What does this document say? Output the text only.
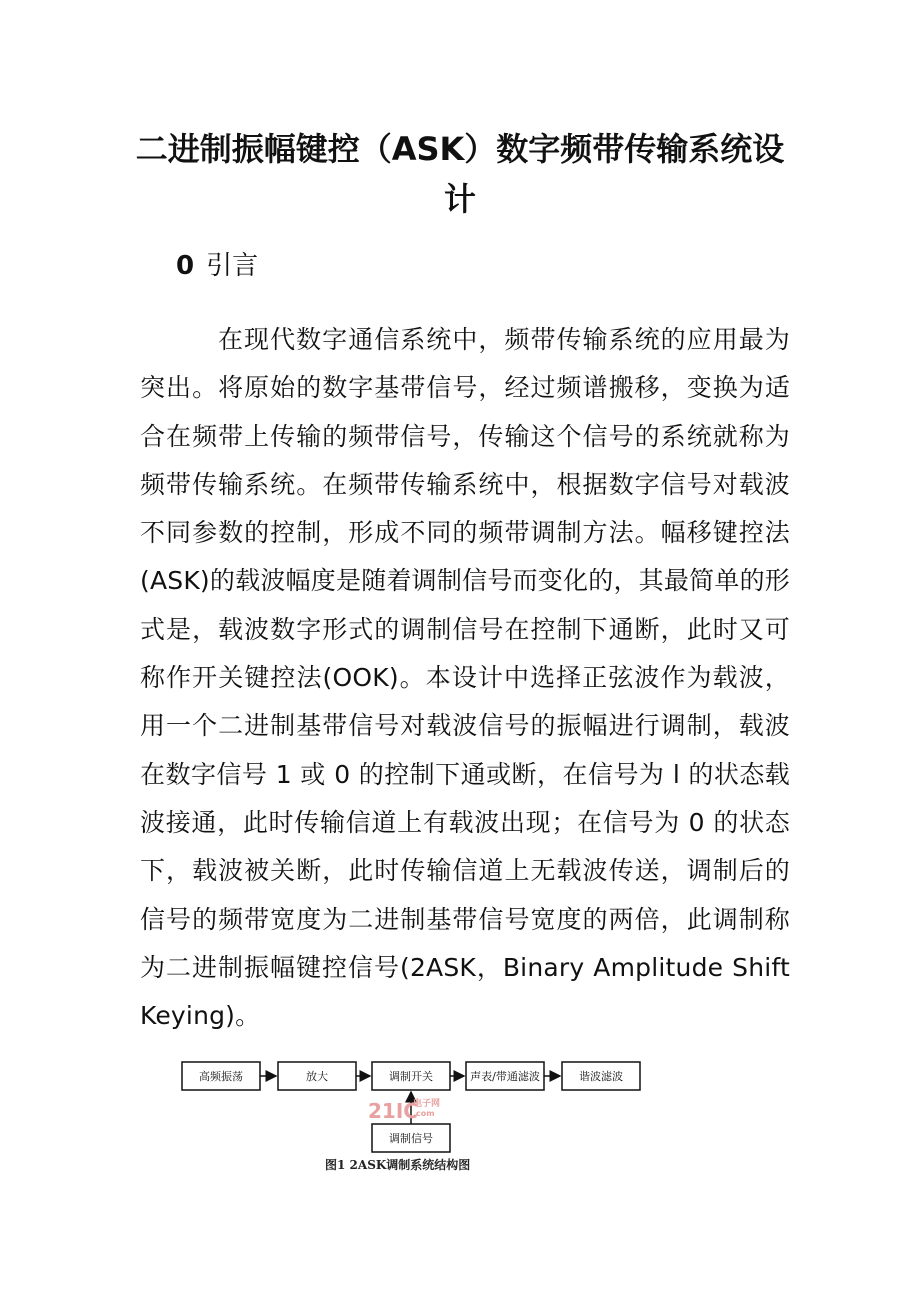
二进制振幅键控（ASK）数字频带传输系统设计
0 引言
在现代数字通信系统中，频带传输系统的应用最为突出。将原始的数字基带信号，经过频谱搬移，变换为适合在频带上传输的频带信号，传输这个信号的系统就称为频带传输系统。在频带传输系统中，根据数字信号对载波不同参数的控制，形成不同的频带调制方法。幅移键控法(ASK)的载波幅度是随着调制信号而变化的，其最简单的形式是，载波数字形式的调制信号在控制下通断，此时又可称作开关键控法(OOK)。本设计中选择正弦波作为载波，用一个二进制基带信号对载波信号的振幅进行调制，载波在数字信号 1 或 0 的控制下通或断，在信号为 l 的状态载波接通，此时传输信道上有载波出现；在信号为 0 的状态下，载波被关断，此时传输信道上无载波传送，调制后的信号的频带宽度为二进制基带信号宽度的两倍，此调制称为二进制振幅键控信号(2ASK，Binary Amplitude Shift Keying)。
高频振荡	放大	调制开关	声表/带通滤波	谐波滤波
调制信号
21IC
电子网
.com
图1 2ASK调制系统结构图
